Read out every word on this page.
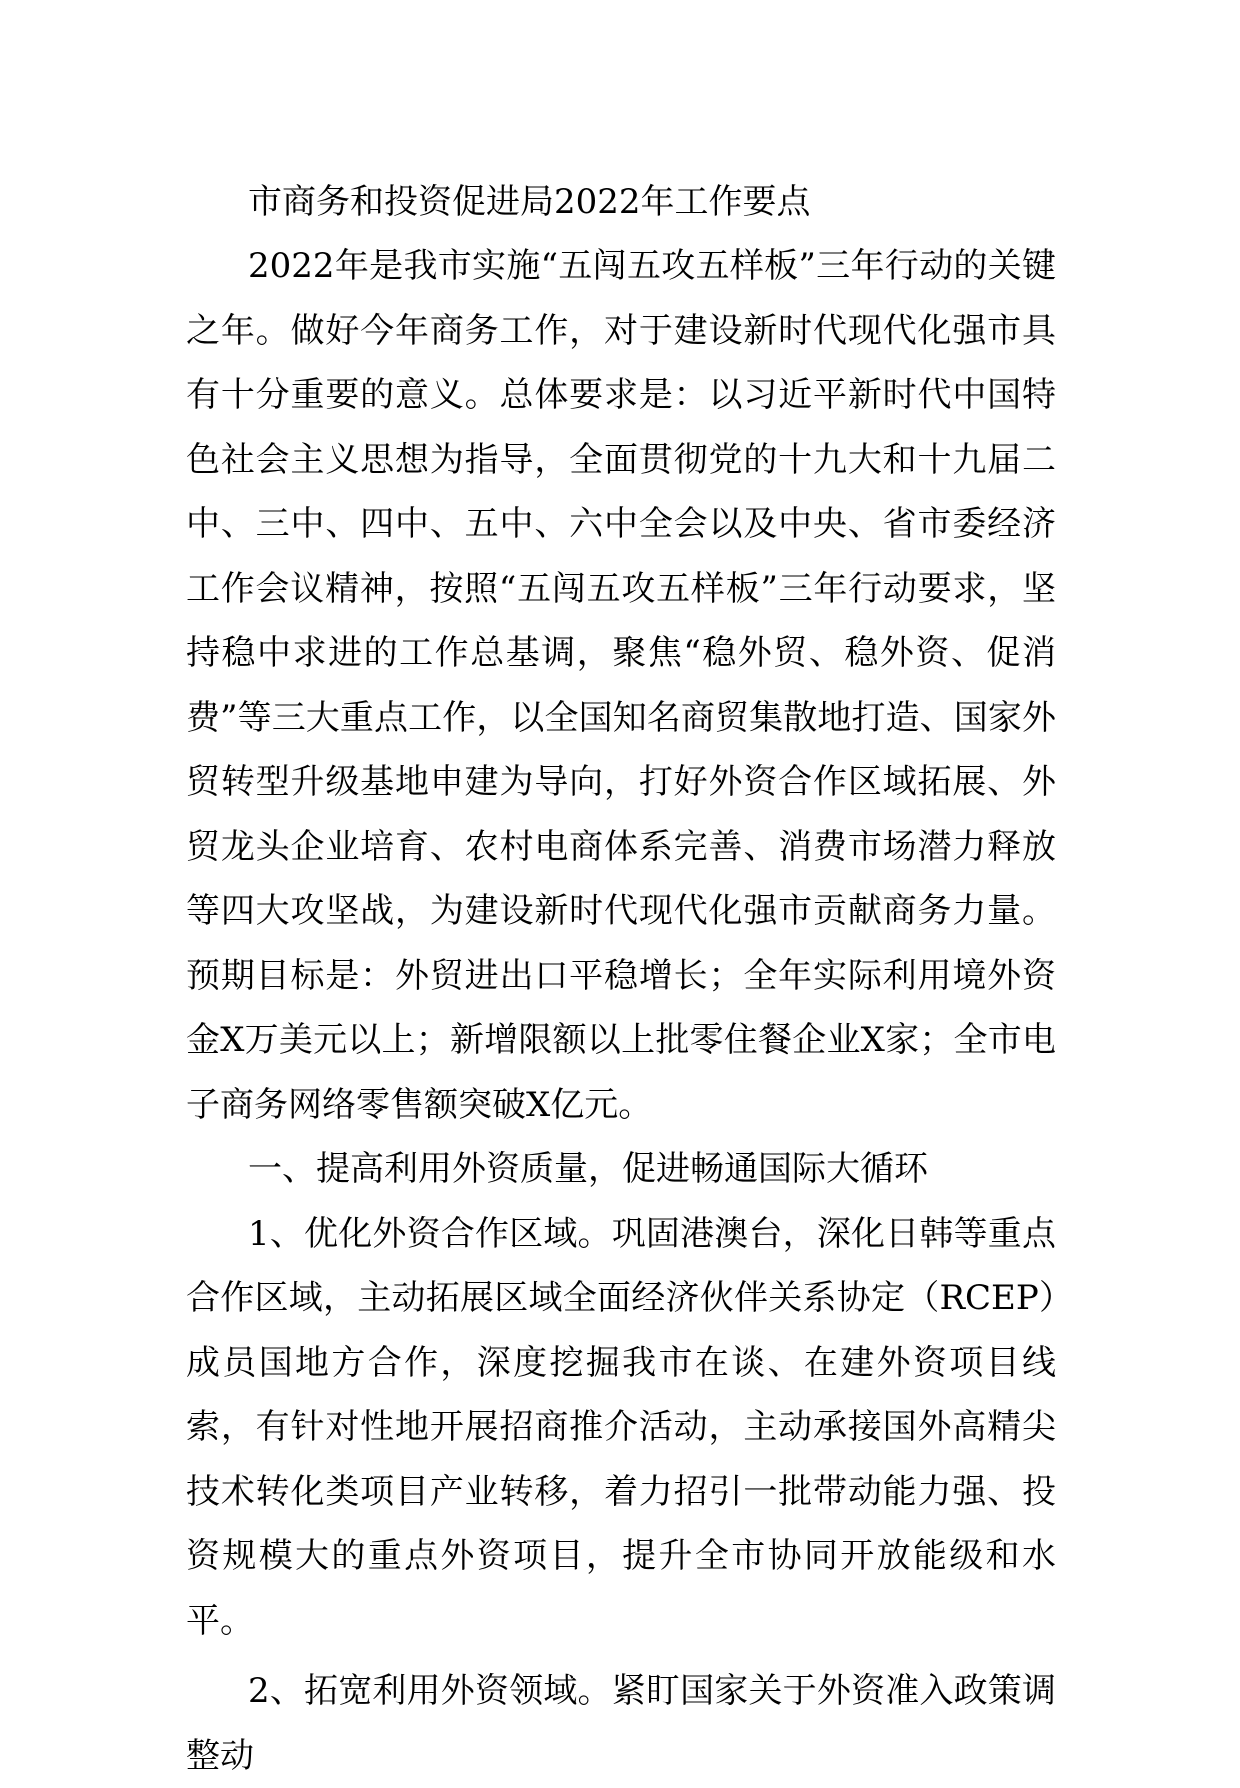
市商务和投资促进局2022年工作要点

2022年是我市实施“五闯五攻五样板”三年行动的关键之年。做好今年商务工作，对于建设新时代现代化强市具有十分重要的意义。总体要求是：以习近平新时代中国特色社会主义思想为指导，全面贯彻党的十九大和十九届二中、三中、四中、五中、六中全会以及中央、省市委经济工作会议精神，按照“五闯五攻五样板”三年行动要求，坚持稳中求进的工作总基调，聚焦“稳外贸、稳外资、促消费”等三大重点工作，以全国知名商贸集散地打造、国家外贸转型升级基地申建为导向，打好外资合作区域拓展、外贸龙头企业培育、农村电商体系完善、消费市场潜力释放等四大攻坚战，为建设新时代现代化强市贡献商务力量。预期目标是：外贸进出口平稳增长；全年实际利用境外资金X万美元以上；新增限额以上批零住餐企业X家；全市电子商务网络零售额突破X亿元。

一、提高利用外资质量，促进畅通国际大循环

1、优化外资合作区域。巩固港澳台，深化日韩等重点合作区域，主动拓展区域全面经济伙伴关系协定（RCEP）成员国地方合作，深度挖掘我市在谈、在建外资项目线索，有针对性地开展招商推介活动，主动承接国外高精尖技术转化类项目产业转移，着力招引一批带动能力强、投资规模大的重点外资项目，提升全市协同开放能级和水平。

2、拓宽利用外资领域。紧盯国家关于外资准入政策调整动
